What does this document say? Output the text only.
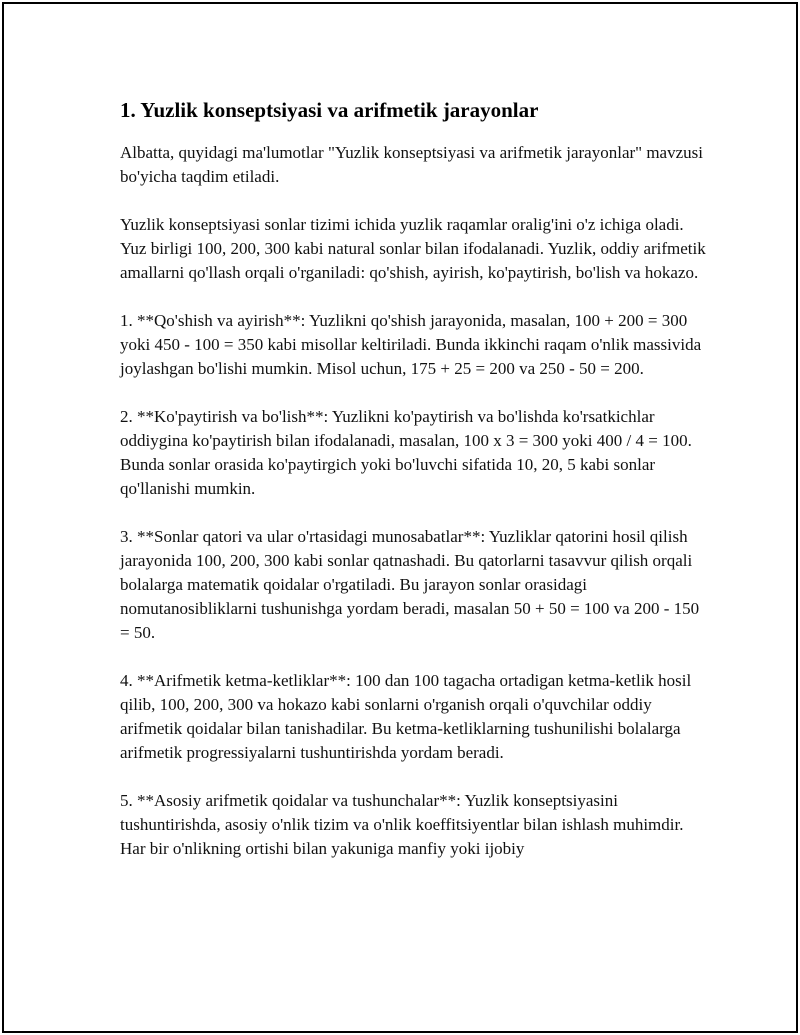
1. Yuzlik konseptsiyasi va arifmetik jarayonlar

Albatta, quyidagi ma'lumotlar "Yuzlik konseptsiyasi va arifmetik jarayonlar" mavzusi bo'yicha taqdim etiladi.

Yuzlik konseptsiyasi sonlar tizimi ichida yuzlik raqamlar oralig'ini o'z ichiga oladi. Yuz birligi 100, 200, 300 kabi natural sonlar bilan ifodalanadi. Yuzlik, oddiy arifmetik amallarni qo'llash orqali o'rganiladi: qo'shish, ayirish, ko'paytirish, bo'lish va hokazo.

1. **Qo'shish va ayirish**: Yuzlikni qo'shish jarayonida, masalan, 100 + 200 = 300 yoki 450 - 100 = 350 kabi misollar keltiriladi. Bunda ikkinchi raqam o'nlik massivida joylashgan bo'lishi mumkin. Misol uchun, 175 + 25 = 200 va 250 - 50 = 200.

2. **Ko'paytirish va bo'lish**: Yuzlikni ko'paytirish va bo'lishda ko'rsatkichlar oddiygina ko'paytirish bilan ifodalanadi, masalan, 100 x 3 = 300 yoki 400 / 4 = 100. Bunda sonlar orasida ko'paytirgich yoki bo'luvchi sifatida 10, 20, 5 kabi sonlar qo'llanishi mumkin.

3. **Sonlar qatori va ular o'rtasidagi munosabatlar**: Yuzliklar qatorini hosil qilish jarayonida 100, 200, 300 kabi sonlar qatnashadi. Bu qatorlarni tasavvur qilish orqali bolalarga matematik qoidalar o'rgatiladi. Bu jarayon sonlar orasidagi nomutanosibliklarni tushunishga yordam beradi, masalan 50 + 50 = 100 va 200 - 150 = 50.

4. **Arifmetik ketma-ketliklar**: 100 dan 100 tagacha ortadigan ketma-ketlik hosil qilib, 100, 200, 300 va hokazo kabi sonlarni o'rganish orqali o'quvchilar oddiy arifmetik qoidalar bilan tanishadilar. Bu ketma-ketliklarning tushunilishi bolalarga arifmetik progressiyalarni tushuntirishda yordam beradi.

5. **Asosiy arifmetik qoidalar va tushunchalar**: Yuzlik konseptsiyasini tushuntirishda, asosiy o'nlik tizim va o'nlik koeffitsiyentlar bilan ishlash muhimdir. Har bir o'nlikning ortishi bilan yakuniga manfiy yoki ijobiy
